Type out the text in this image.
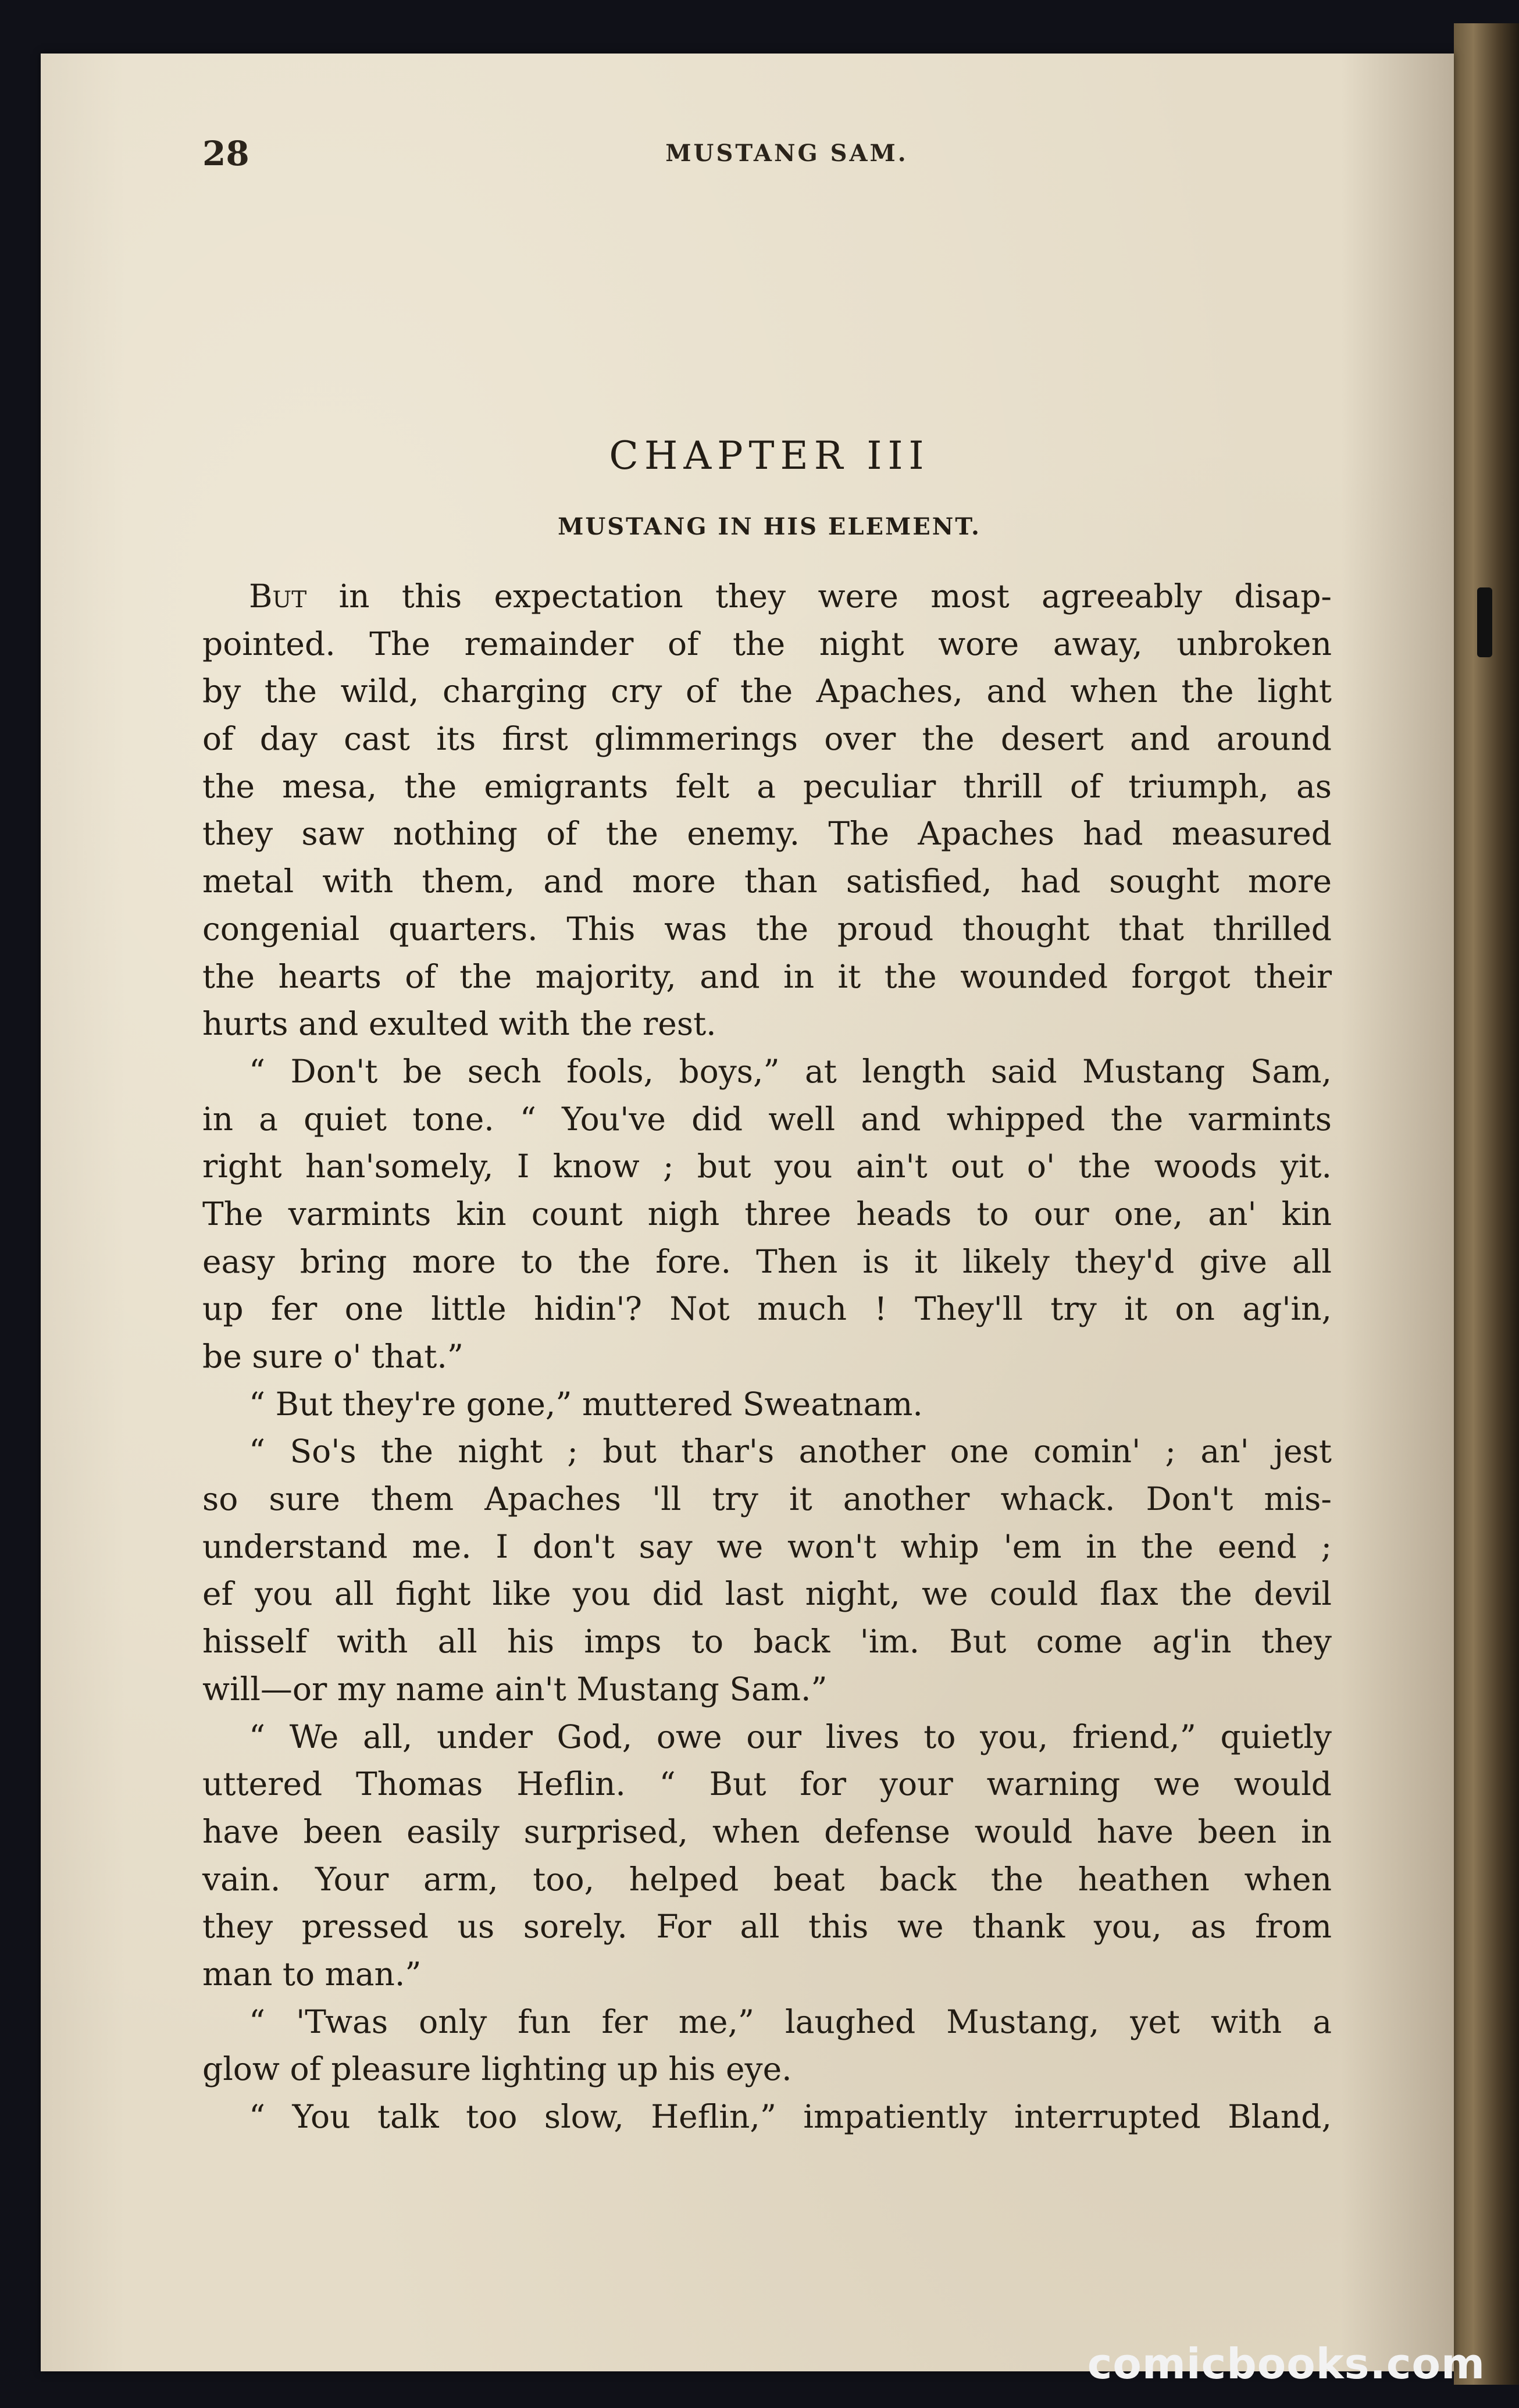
28	MUSTANG SAM.
CHAPTER III
MUSTANG IN HIS ELEMENT.
But in this expectation they were most agreeably disap-
pointed. The remainder of the night wore away, unbroken
by the wild, charging cry of the Apaches, and when the light
of day cast its first glimmerings over the desert and around
the mesa, the emigrants felt a peculiar thrill of triumph, as
they saw nothing of the enemy. The Apaches had measured
metal with them, and more than satisfied, had sought more
congenial quarters. This was the proud thought that thrilled
the hearts of the majority, and in it the wounded forgot their
hurts and exulted with the rest.
“ Don't be sech fools, boys,” at length said Mustang Sam,
in a quiet tone. “ You've did well and whipped the varmints
right han'somely, I know ; but you ain't out o' the woods yit.
The varmints kin count nigh three heads to our one, an' kin
easy bring more to the fore. Then is it likely they'd give all
up fer one little hidin'? Not much ! They'll try it on ag'in,
be sure o' that.”
“ But they're gone,” muttered Sweatnam.
“ So's the night ; but thar's another one comin' ; an' jest
so sure them Apaches 'll try it another whack. Don't mis-
understand me. I don't say we won't whip 'em in the eend ;
ef you all fight like you did last night, we could flax the devil
hisself with all his imps to back 'im. But come ag'in they
will—or my name ain't Mustang Sam.”
“ We all, under God, owe our lives to you, friend,” quietly
uttered Thomas Heflin. “ But for your warning we would
have been easily surprised, when defense would have been in
vain. Your arm, too, helped beat back the heathen when
they pressed us sorely. For all this we thank you, as from
man to man.”
“ 'Twas only fun fer me,” laughed Mustang, yet with a
glow of pleasure lighting up his eye.
“ You talk too slow, Heflin,” impatiently interrupted Bland,
comicbooks.com
